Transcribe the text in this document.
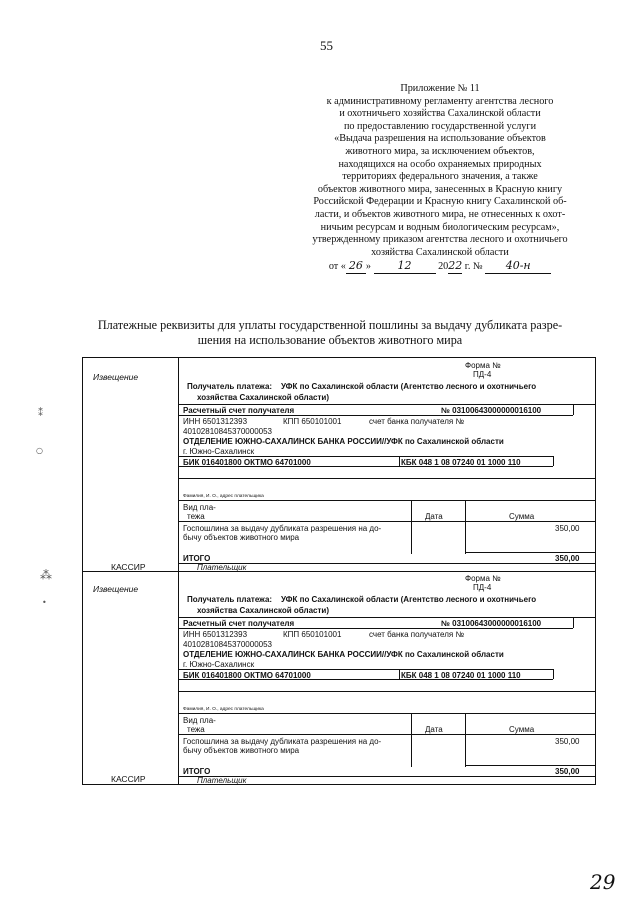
55
Приложение № 11
к административному регламенту агентства лесного
и охотничьего хозяйства Сахалинской области
по предоставлению государственной услуги
«Выдача разрешения на использование объектов
животного мира, за исключением объектов,
находящихся на особо охраняемых природных
территориях федерального значения, а также
объектов животного мира, занесенных в Красную книгу
Российской Федерации и Красную книгу Сахалинской об-
ласти, и объектов животного мира, не отнесенных к охот-
ничьим ресурсам и водным биологическим ресурсам»,
утвержденному приказом агентства лесного и охотничьего
хозяйства Сахалинской области
от « 26 » 12	2022 г. № 40-н
Платежные реквизиты для уплаты государственной пошлины за выдачу дубликата разре-
шения на использование объектов животного мира
Извещение
КАССИР
Извещение
КАССИР
Форма №
ПД-4
Получатель платежа: УФК по Сахалинской области (Агентство лесного и охотничьего
хозяйства Сахалинской области)
Расчетный счет получателя	№ 03100643000000016100
ИНН 6501312393	КПП 650101001	счет банка получателя №
40102810845370000053
ОТДЕЛЕНИЕ ЮЖНО-САХАЛИНСК БАНКА РОССИИ//УФК по Сахалинской области
г. Южно-Сахалинск
БИК 016401800 ОКТМО 64701000	КБК 048 1 08 07240 01 1000 110
Фамилия, И. О., адрес плательщика
Вид пла-
тежа	Дата	Сумма
Госпошлина за выдачу дубликата разрешения на до-
бычу объектов животного мира
350,00
ИТОГО	350,00
Плательщик
Форма №
ПД-4
Получатель платежа: УФК по Сахалинской области (Агентство лесного и охотничьего
хозяйства Сахалинской области)
Расчетный счет получателя	№ 03100643000000016100
ИНН 6501312393	КПП 650101001	счет банка получателя №
40102810845370000053
ОТДЕЛЕНИЕ ЮЖНО-САХАЛИНСК БАНКА РОССИИ//УФК по Сахалинской области
г. Южно-Сахалинск
БИК 016401800 ОКТМО 64701000	КБК 048 1 08 07240 01 1000 110
Фамилия, И. О., адрес плательщика
Вид пла-
тежа	Дата	Сумма
Госпошлина за выдачу дубликата разрешения на до-
бычу объектов животного мира
350,00
ИТОГО	350,00
Плательщик
⁑
○
⁂
•
29
